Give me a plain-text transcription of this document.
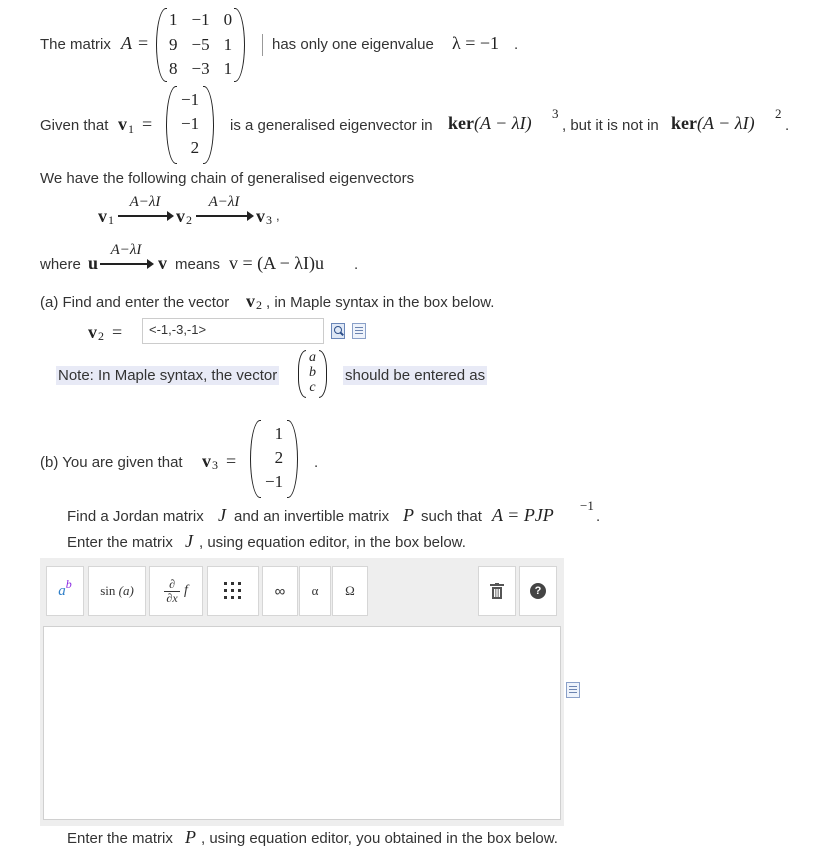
The matrix A =
1 −1 0
9 −5 1
8 −3 1
has only one eigenvalue λ = −1 .
Given that v 1 =
−1
−1
2
is a generalised eigenvector in ker(A − λI) 3
, but it is not in ker(A − λI) 2
.
We have the following chain of generalised eigenvectors
v 1
A−λI
v 2
A−λI
v 3 ,
where u
A−λI
v means v = (A − λI)u .
(a) Find and enter the vector v 2 , in Maple syntax in the box below.
v 2 =	<-1,-3,-1>
Note: In Maple syntax, the vector
a
b
c
should be entered as
(b) You are given that v 3 =
1
2
−1
.
Find a Jordan matrix J and an invertible matrix P such that A = PJP −1
.
Enter the matrix J , using equation editor, in the box below.
a b sin
(a)	∂
∂x f	∞ α Ω	?
Enter the matrix P , using equation editor, you obtained in the box below.
